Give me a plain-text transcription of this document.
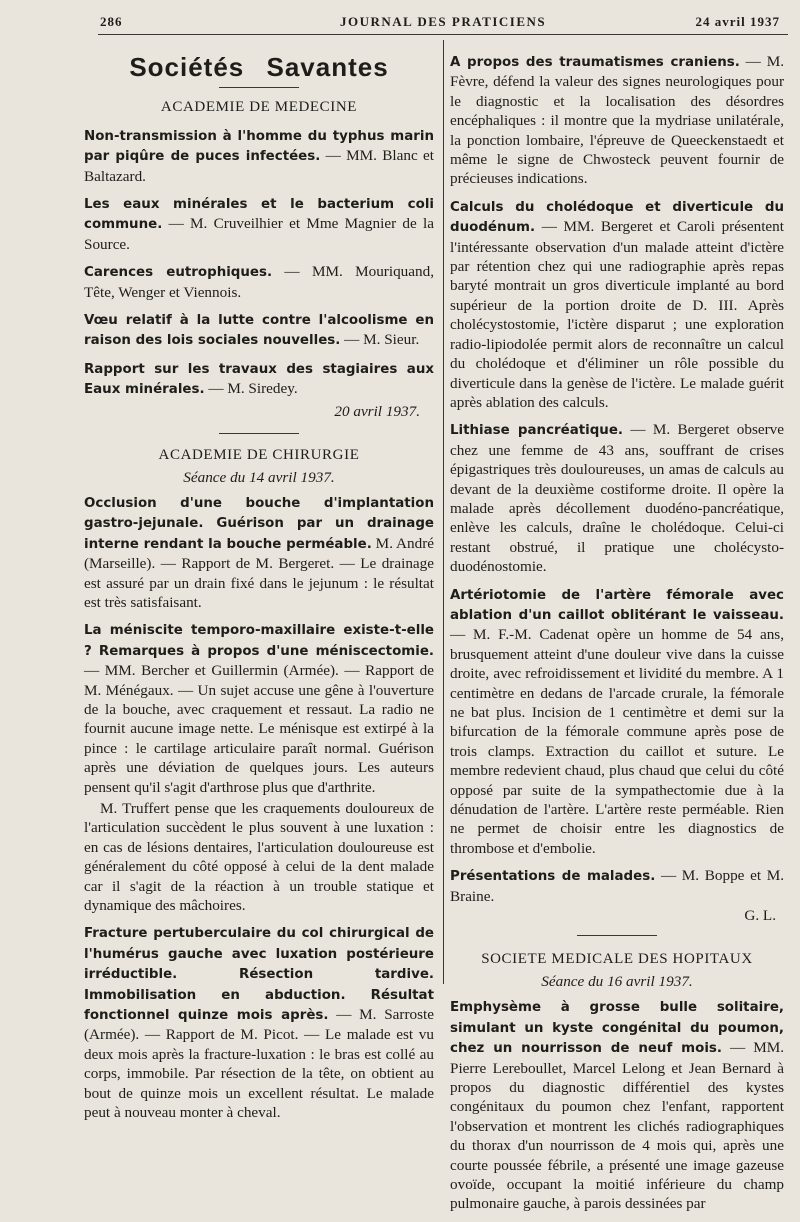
286	JOURNAL DES PRATICIENS	24 avril 1937
Sociétés Savantes
ACADEMIE DE MEDECINE
Non-transmission à l'homme du typhus marin par piqûre de puces infectées. — MM. Blanc et Baltazard.
Les eaux minérales et le bacterium coli commune. — M. Cruveilhier et Mme Magnier de la Source.
Carences eutrophiques. — MM. Mouriquand, Tête, Wenger et Viennois.
Vœu relatif à la lutte contre l'alcoolisme en raison des lois sociales nouvelles. — M. Sieur.
Rapport sur les travaux des stagiaires aux Eaux minérales. — M. Siredey.
20 avril 1937.
ACADEMIE DE CHIRURGIE
Séance du 14 avril 1937.
Occlusion d'une bouche d'implantation gastro-jejunale. Guérison par un drainage interne rendant la bouche perméable. M. André (Marseille). — Rapport de M. Bergeret. — Le drainage est assuré par un drain fixé dans le jejunum : le résultat est très satisfaisant.
La méniscite temporo-maxillaire existe-t-elle ? Remarques à propos d'une méniscectomie. — MM. Bercher et Guillermin (Armée). — Rapport de M. Ménégaux. — Un sujet accuse une gêne à l'ouverture de la bouche, avec craquement et ressaut. La radio ne fournit aucune image nette. Le ménisque est extirpé à la pince : le cartilage articulaire paraît normal. Guérison après une déviation de quelques jours. Les auteurs pensent qu'il s'agit d'arthrose plus que d'arthrite.
M. Truffert pense que les craquements douloureux de l'articulation succèdent le plus souvent à une luxation : en cas de lésions dentaires, l'articulation douloureuse est généralement du côté opposé à celui de la dent malade car il s'agit de la réaction à un trouble statique et dynamique des mâchoires.
Fracture pertuberculaire du col chirurgical de l'humérus gauche avec luxation postérieure irréductible. Résection tardive. Immobilisation en abduction. Résultat fonctionnel quinze mois après. — M. Sarroste (Armée). — Rapport de M. Picot. — Le malade est vu deux mois après la fracture-luxation : le bras est collé au corps, immobile. Par résection de la tête, on obtient au bout de quinze mois un excellent résultat. Le malade peut à nouveau monter à cheval.
A propos des traumatismes craniens. — M. Fèvre, défend la valeur des signes neurologiques pour le diagnostic et la localisation des désordres encéphaliques : il montre que la mydriase unilatérale, la ponction lombaire, l'épreuve de Queeckenstaedt et même le signe de Chwosteck peuvent fournir de précieuses indications.
Calculs du cholédoque et diverticule du duodénum. — MM. Bergeret et Caroli présentent l'intéressante observation d'un malade atteint d'ictère par rétention chez qui une radiographie après repas baryté montrait un gros diverticule implanté au bord supérieur de la portion droite de D. III. Après cholécystostomie, l'ictère disparut ; une exploration radio-lipiodolée permit alors de reconnaître un calcul du cholédoque et d'éliminer un rôle possible du diverticule dans la genèse de l'ictère. Le malade guérit après ablation des calculs.
Lithiase pancréatique. — M. Bergeret observe chez une femme de 43 ans, souffrant de crises épigastriques très douloureuses, un amas de calculs au devant de la deuxième costiforme droite. Il opère la malade après décollement duodéno-pancréatique, enlève les calculs, draîne le cholédoque. Celui-ci restant obstrué, il pratique une cholécysto-duodénostomie.
Artériotomie de l'artère fémorale avec ablation d'un caillot oblitérant le vaisseau. — M. F.-M. Cadenat opère un homme de 54 ans, brusquement atteint d'une douleur vive dans la cuisse droite, avec refroidissement et lividité du membre. A 1 centimètre en dedans de l'arcade crurale, la fémorale ne bat plus. Incision de 1 centimètre et demi sur la bifurcation de la fémorale commune après pose de trois clamps. Extraction du caillot et suture. Le membre redevient chaud, plus chaud que celui du côté opposé par suite de la sympathectomie due à la dénudation de l'artère. L'artère reste perméable. Rien ne permet de choisir entre les diagnostics de thrombose et d'embolie.
Présentations de malades. — M. Boppe et M. Braine.
G. L.
SOCIETE MEDICALE DES HOPITAUX
Séance du 16 avril 1937.
Emphysème à grosse bulle solitaire, simulant un kyste congénital du poumon, chez un nourrisson de neuf mois. — MM. Pierre Lereboullet, Marcel Lelong et Jean Bernard à propos du diagnostic différentiel des kystes congénitaux du poumon chez l'enfant, rapportent l'observation et montrent les clichés radiographiques du thorax d'un nourrisson de 4 mois qui, après une courte poussée fébrile, a présenté une image gazeuse ovoïde, occupant la moitié inférieure du champ pulmonaire gauche, à parois dessinées par
